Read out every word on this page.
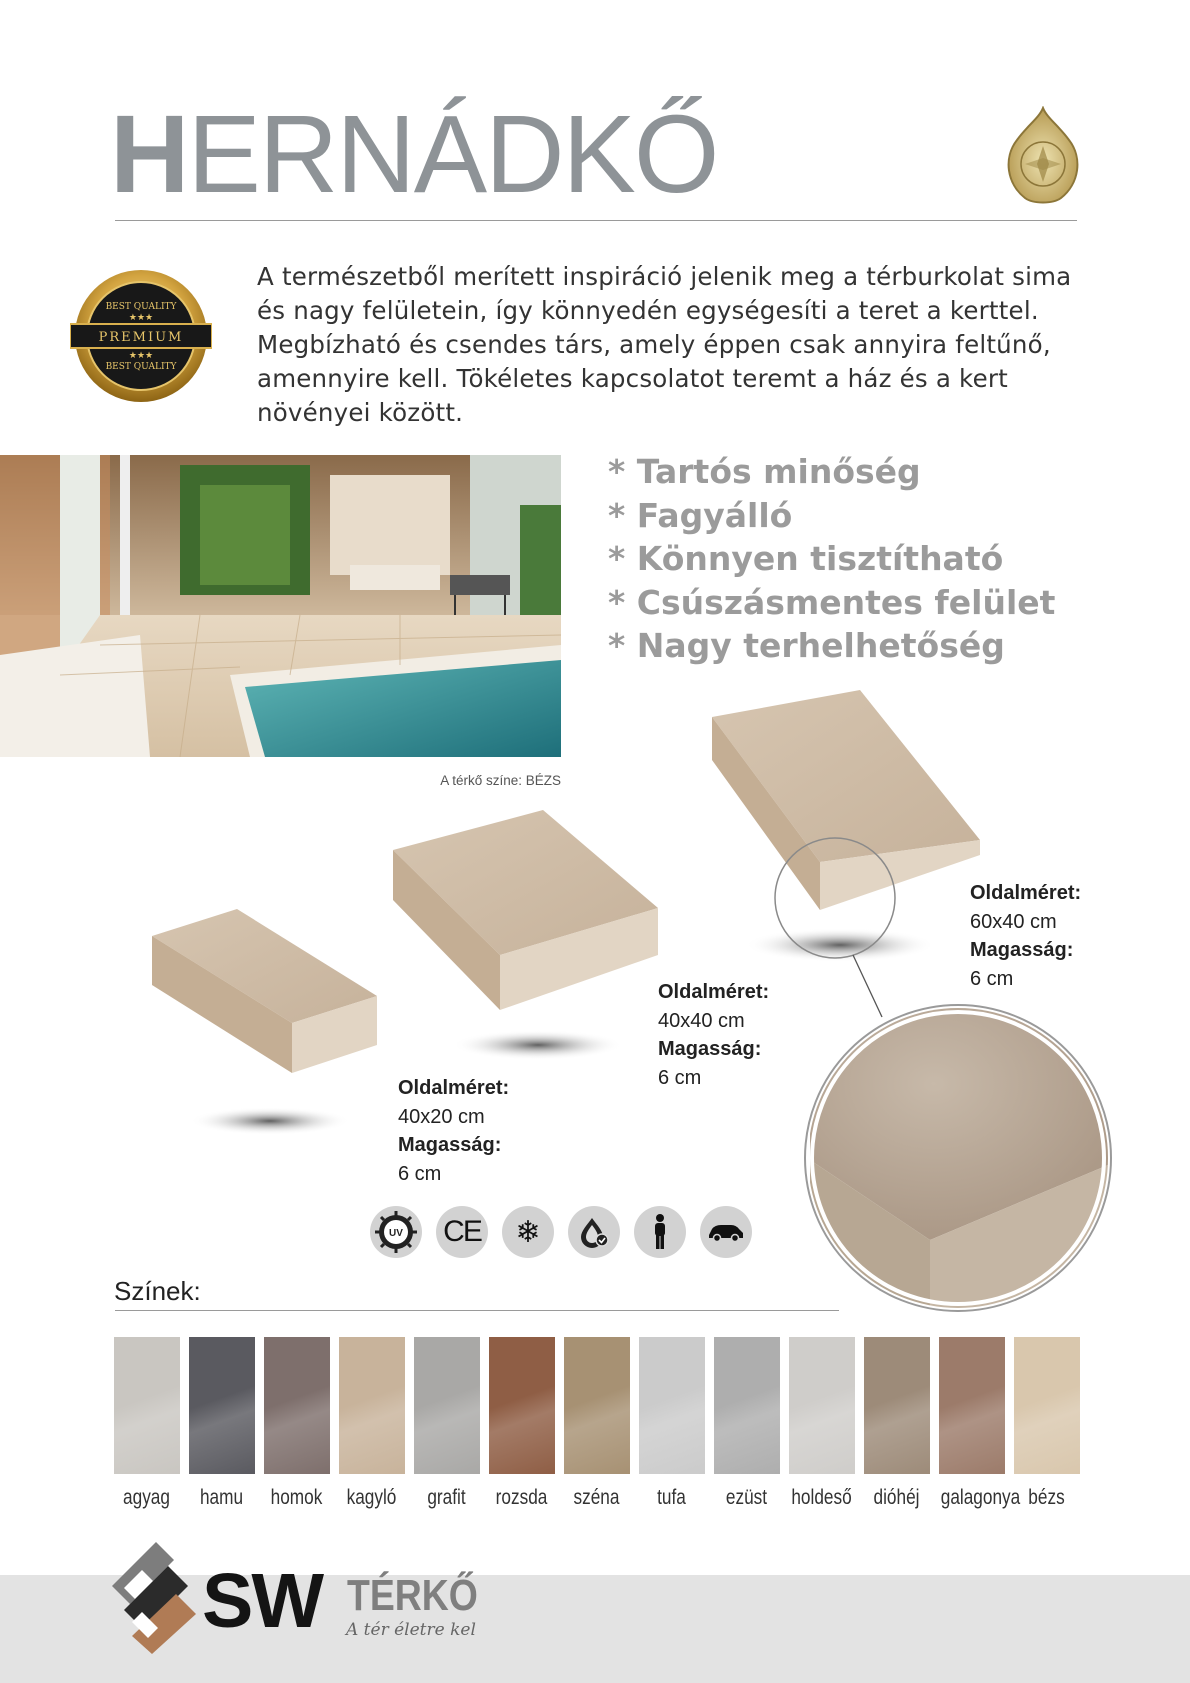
HERNÁDKŐ
PREMIUM
BEST QUALITY
BEST QUALITY
★★★
★★★
A természetből merített inspiráció jelenik meg a térburkolat sima és nagy felületein, így könnyedén egységesíti a teret a kerttel. Megbízható és csendes társ, amely éppen csak annyira feltűnő, amennyire kell. Tökéletes kapcsolatot teremt a ház és a kert növényei között.
A térkő színe: BÉZS
* Tartós minőség
* Fagyálló
* Könnyen tisztítható
* Csúszásmentes felület
* Nagy terhelhetőség
Oldalméret:
40x20 cm
Magasság:
6 cm
Oldalméret:
40x40 cm
Magasság:
6 cm
Oldalméret:
60x40 cm
Magasság:
6 cm
UV CE ❄
Színek:
agyag	hamu	homok kagyló	grafit	rozsda	széna	tufa	ezüst	holdeső	dióhéj	galagonya bézs
SW TÉRKŐ
A tér életre kel
